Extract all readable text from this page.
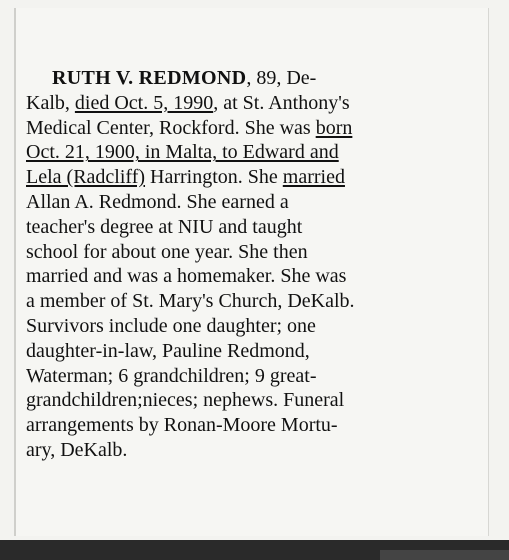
RUTH V. REDMOND, 89, De-
Kalb, died Oct. 5, 1990, at St. Anthony's
Medical Center, Rockford. She was born
Oct. 21, 1900, in Malta, to Edward and
Lela (Radcliff) Harrington. She married
Allan A. Redmond. She earned a
teacher's degree at NIU and taught
school for about one year. She then
married and was a homemaker. She was
a member of St. Mary's Church, DeKalb.
Survivors include one daughter; one
daughter-in-law, Pauline Redmond,
Waterman; 6 grandchildren; 9 great-
grandchildren;nieces; nephews. Funeral
arrangements by Ronan-Moore Mortu-
ary, DeKalb.
